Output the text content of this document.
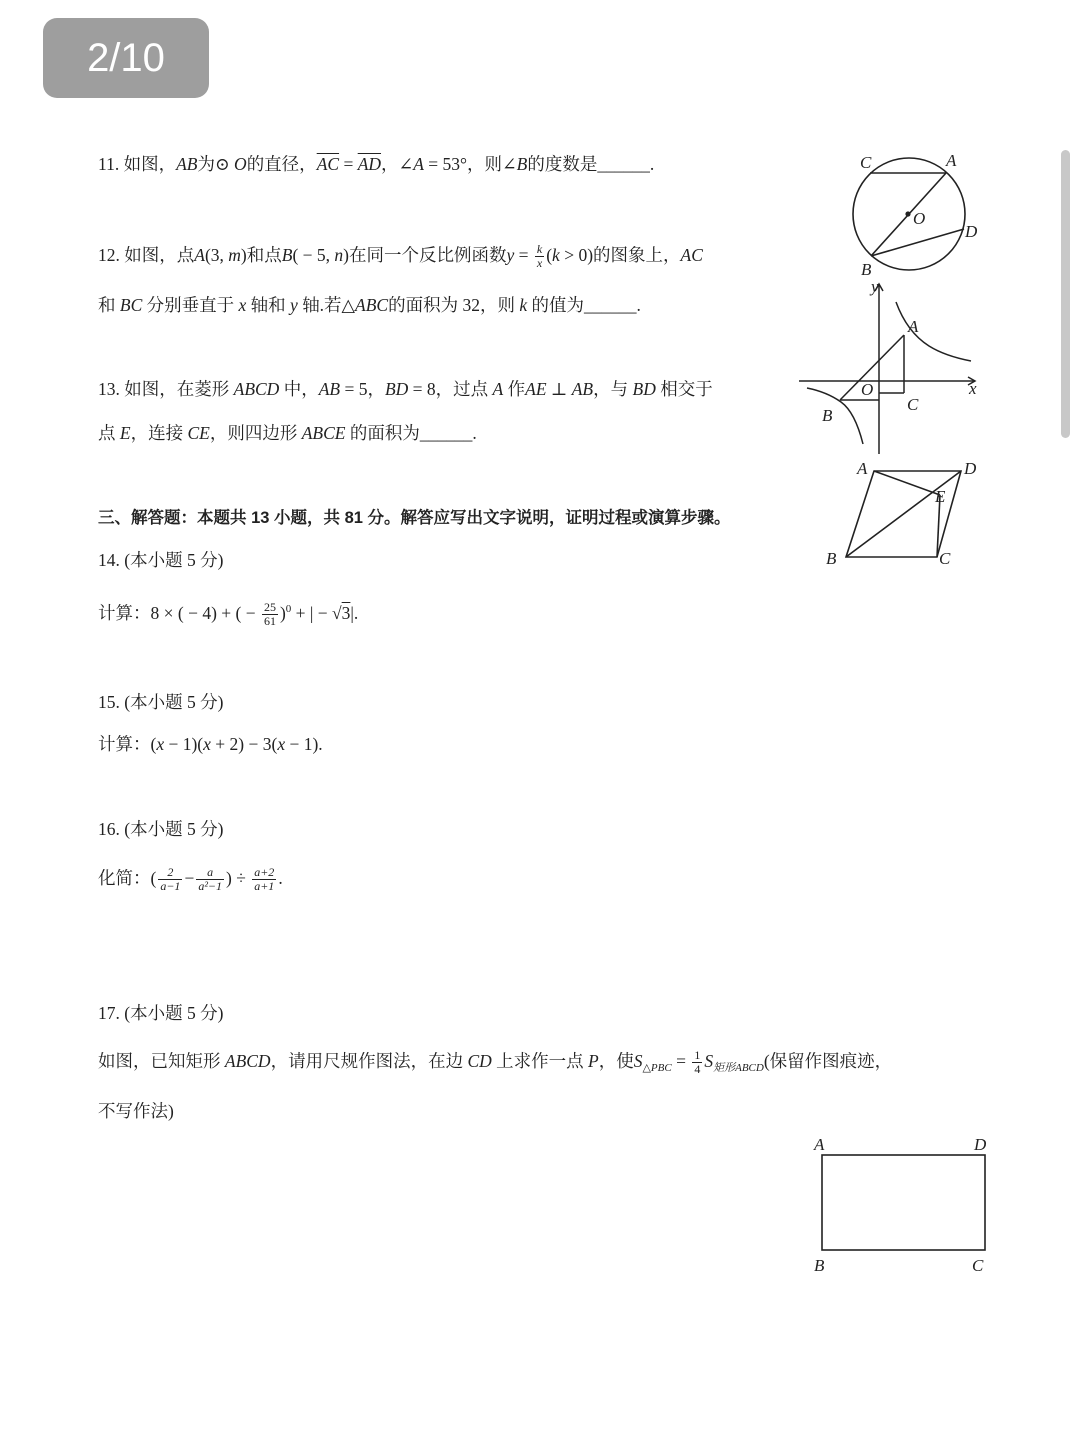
2/10
11. 如图，AB为⊙ O的直径，$\overline{AC} = \overline{AD}$，∠A = 53°，则∠B的度数是______.
12. 如图，点A(3, m)和点B( − 5, n)在同一个反比例函数$y = \frac{k}{x} (k > 0)$的图象上，AC
和 BC 分别垂直于 x 轴和 y 轴.若△ABC的面积为 32，则 k 的值为______.
13. 如图，在菱形 ABCD 中，AB = 5，BD = 8，过点 A 作AE ⊥ AB，与 BD 相交于
点 E，连接 CE，则四边形 ABCE 的面积为______.
三、解答题：本题共 13 小题，共 81 分。解答应写出文字说明，证明过程或演算步骤。
14. (本小题 5 分)
计算：8 × ( − 4) + ( − $\frac{25}{61} )^0$ + | − √3|.
15. (本小题 5 分)
计算：(x − 1)(x + 2) − 3(x − 1).
16. (本小题 5 分)
化简：( $\frac{2}{a-1} - \frac{a}{\text{a²−1}}$ ) ÷ $\frac{a+2}{a+1}$ .
17. (本小题 5 分)
如图，已知矩形 ABCD，请用尺规作图法，在边 CD 上求作一点 P，使$S_{\triangle PBC} = \frac{1}{4} S_{矩形ABCD}$(保留作图痕迹，
不写作法)
C	A
O
D
B
y
A
O	x
B
C
A	D
E
B	C
A	D
B	C
